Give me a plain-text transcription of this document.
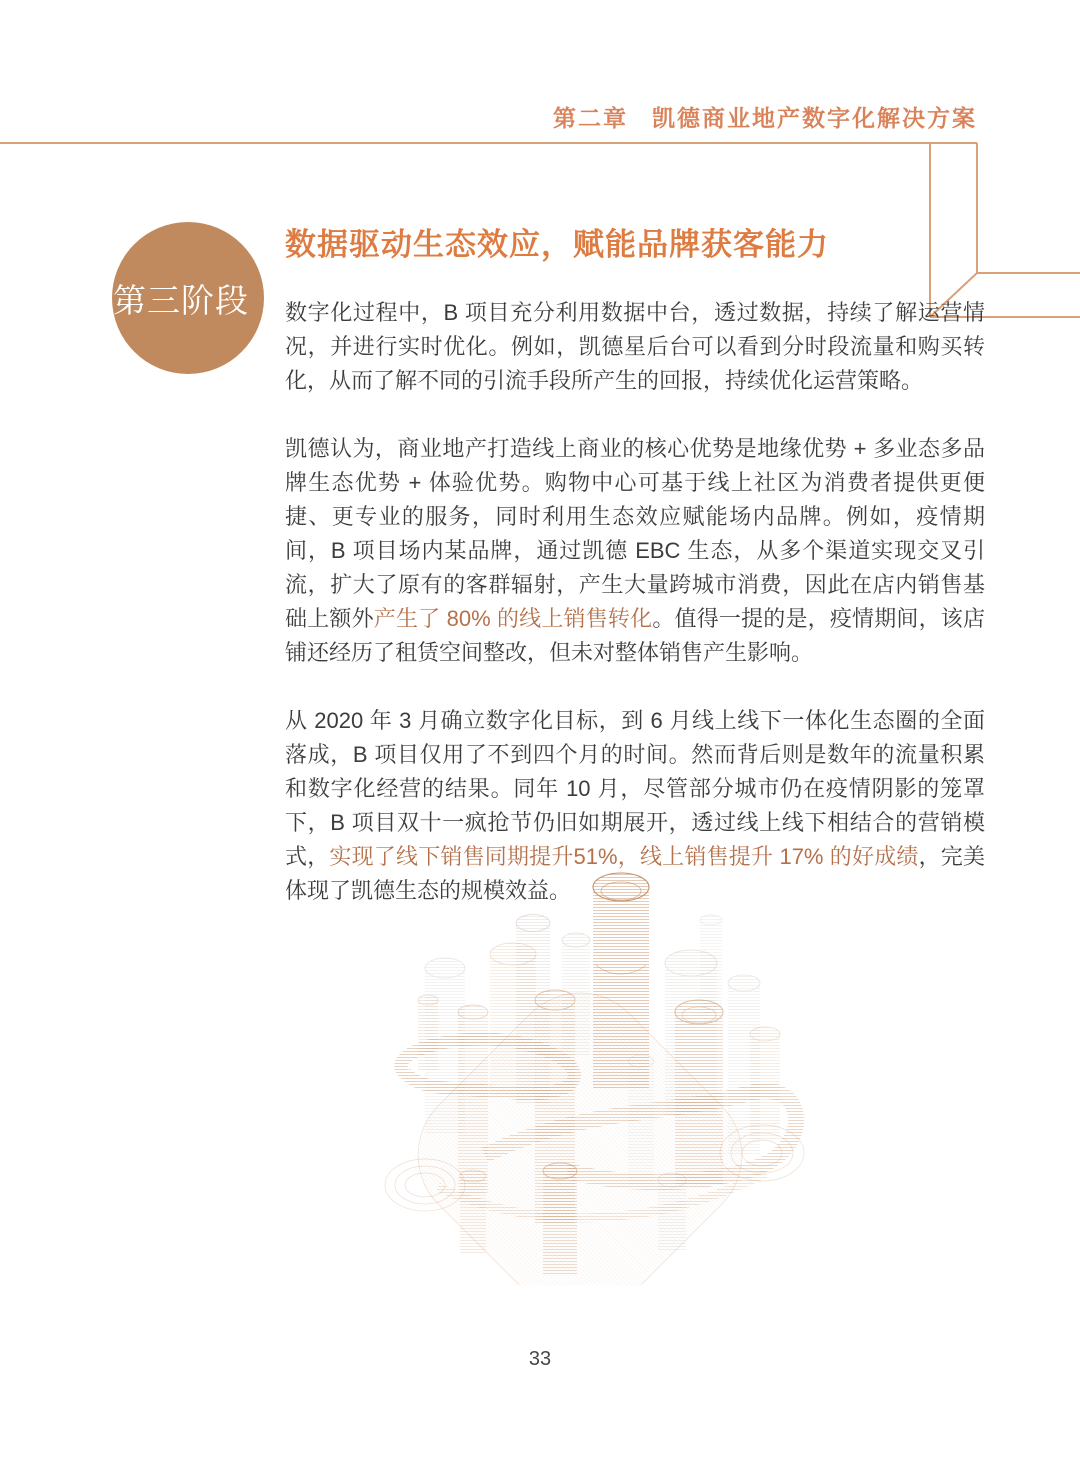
第二章 凯德商业地产数字化解决方案
第三阶段
数据驱动生态效应，赋能品牌获客能力

数字化过程中，B 项目充分利用数据中台，透过数据，持续了解运营情况，并进行实时优化。例如，凯德星后台可以看到分时段流量和购买转化，从而了解不同的引流手段所产生的回报，持续优化运营策略。

凯德认为，商业地产打造线上商业的核心优势是地缘优势 + 多业态多品牌生态优势 + 体验优势。购物中心可基于线上社区为消费者提供更便捷、更专业的服务，同时利用生态效应赋能场内品牌。例如，疫情期间，B 项目场内某品牌，通过凯德 EBC 生态，从多个渠道实现交叉引流，扩大了原有的客群辐射，产生大量跨城市消费，因此在店内销售基础上额外产生了 80% 的线上销售转化。值得一提的是，疫情期间，该店铺还经历了租赁空间整改，但未对整体销售产生影响。

从 2020 年 3 月确立数字化目标，到 6 月线上线下一体化生态圈的全面落成，B 项目仅用了不到四个月的时间。然而背后则是数年的流量积累和数字化经营的结果。同年 10 月，尽管部分城市仍在疫情阴影的笼罩下，B 项目双十一疯抢节仍旧如期展开，透过线上线下相结合的营销模式，实现了线下销售同期提升51%，线上销售提升 17% 的好成绩，完美体现了凯德生态的规模效益。

33
